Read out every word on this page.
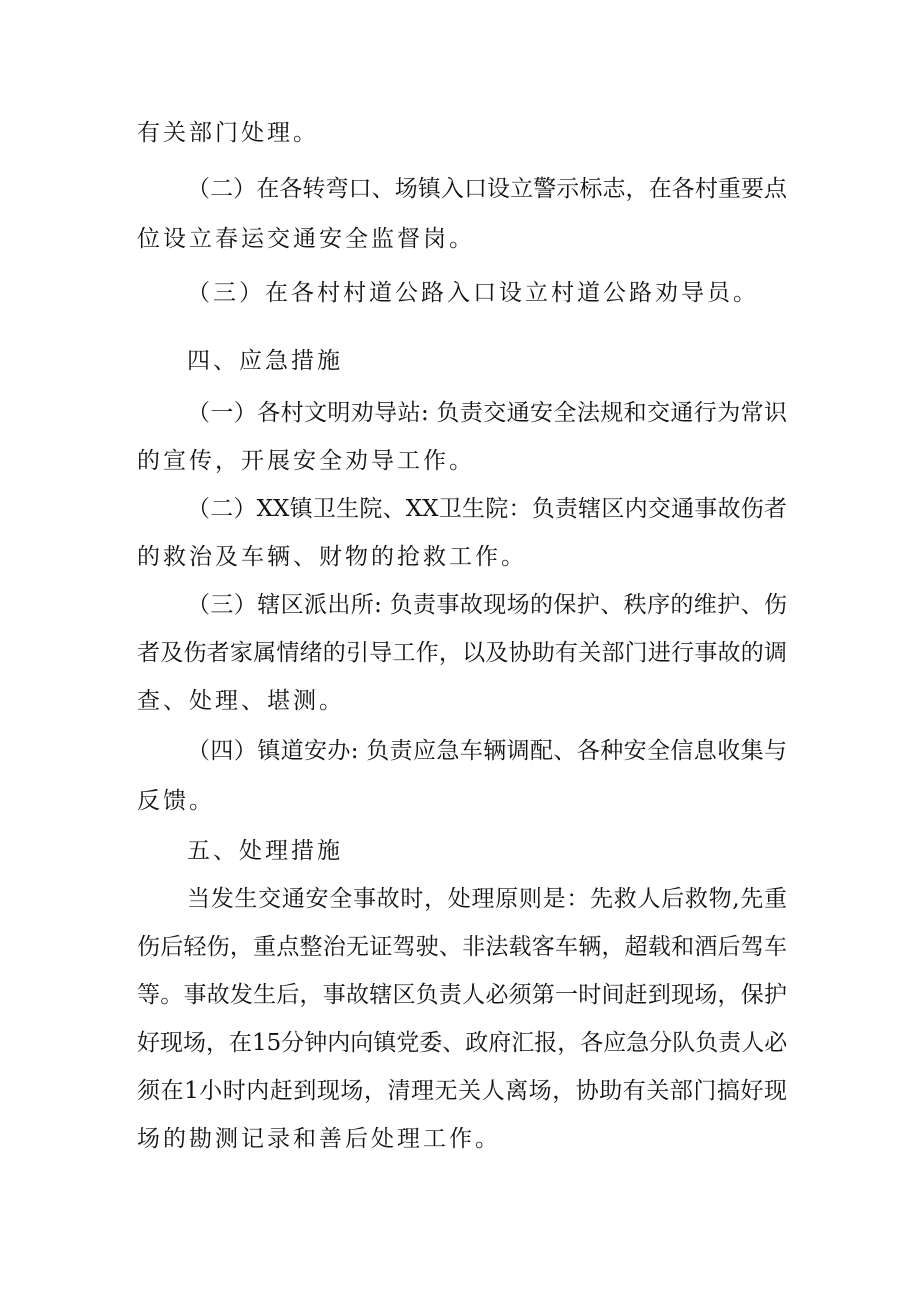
有关部门处理。
（二）在各转弯口、场镇入口设立警示标志，在各村重要点
位设立春运交通安全监督岗。
（三）在各村村道公路入口设立村道公路劝导员。
四、应急措施
（一）各村文明劝导站: 负责交通安全法规和交通行为常识
的宣传，开展安全劝导工作。
（二）XX镇卫生院、XX卫生院：负责辖区内交通事故伤者
的救治及车辆、财物的抢救工作。
（三）辖区派出所: 负责事故现场的保护、秩序的维护、伤
者及伤者家属情绪的引导工作，以及协助有关部门进行事故的调
查、处理、堪测。
（四）镇道安办: 负责应急车辆调配、各种安全信息收集与
反馈。
五、处理措施
当发生交通安全事故时，处理原则是：先救人后救物,先重
伤后轻伤，重点整治无证驾驶、非法载客车辆，超载和酒后驾车
等。事故发生后，事故辖区负责人必须第一时间赶到现场，保护
好现场，在15分钟内向镇党委、政府汇报，各应急分队负责人必
须在1小时内赶到现场，清理无关人离场，协助有关部门搞好现
场的勘测记录和善后处理工作。
